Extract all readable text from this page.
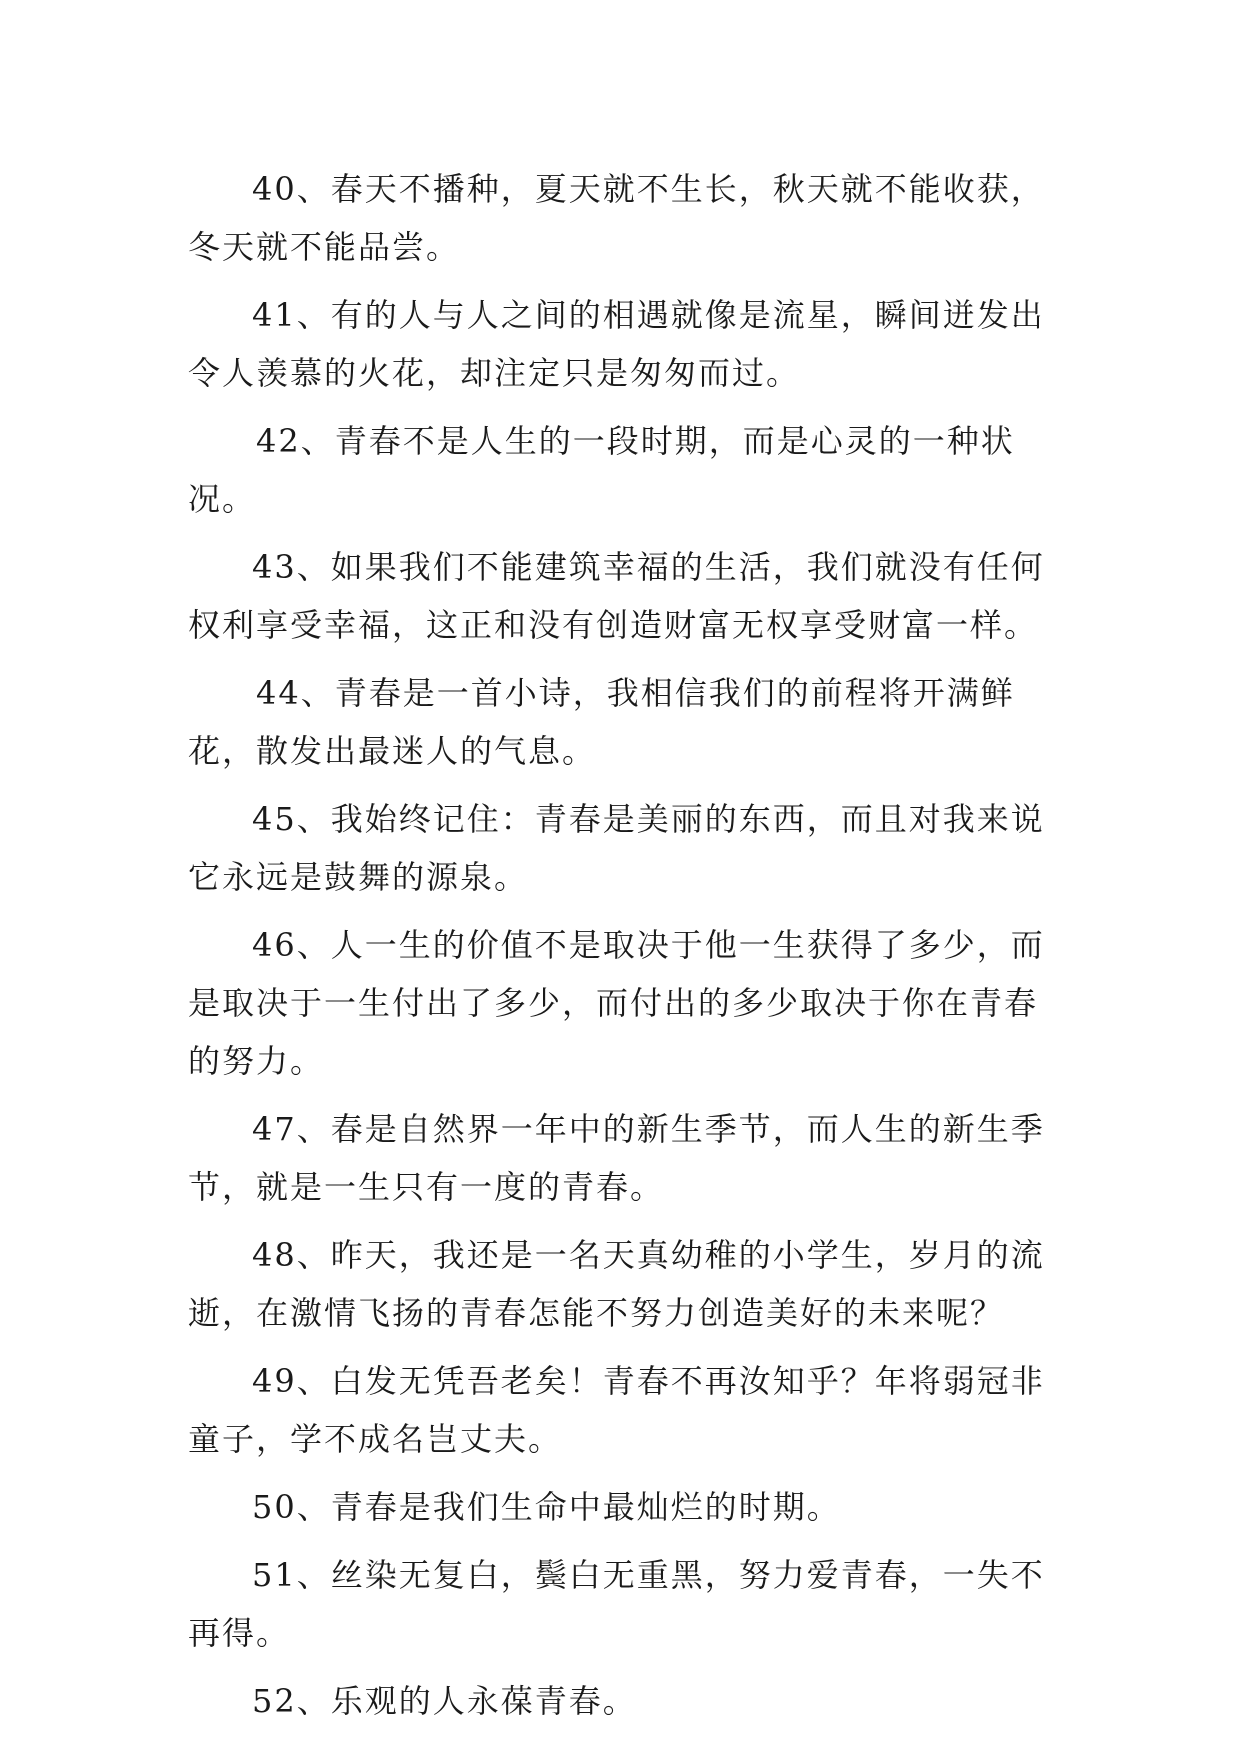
40、春天不播种，夏天就不生长，秋天就不能收获，冬天就不能品尝。

41、有的人与人之间的相遇就像是流星，瞬间迸发出令人羡慕的火花，却注定只是匆匆而过。

42、青春不是人生的一段时期，而是心灵的一种状况。

43、如果我们不能建筑幸福的生活，我们就没有任何权利享受幸福，这正和没有创造财富无权享受财富一样。

44、青春是一首小诗，我相信我们的前程将开满鲜花，散发出最迷人的气息。

45、我始终记住：青春是美丽的东西，而且对我来说它永远是鼓舞的源泉。

46、人一生的价值不是取决于他一生获得了多少，而是取决于一生付出了多少，而付出的多少取决于你在青春的努力。

47、春是自然界一年中的新生季节，而人生的新生季节，就是一生只有一度的青春。

48、昨天，我还是一名天真幼稚的小学生，岁月的流逝，在激情飞扬的青春怎能不努力创造美好的未来呢？

49、白发无凭吾老矣！青春不再汝知乎？年将弱冠非童子，学不成名岂丈夫。

50、青春是我们生命中最灿烂的时期。

51、丝染无复白，鬓白无重黑，努力爱青春，一失不再得。

52、乐观的人永葆青春。
